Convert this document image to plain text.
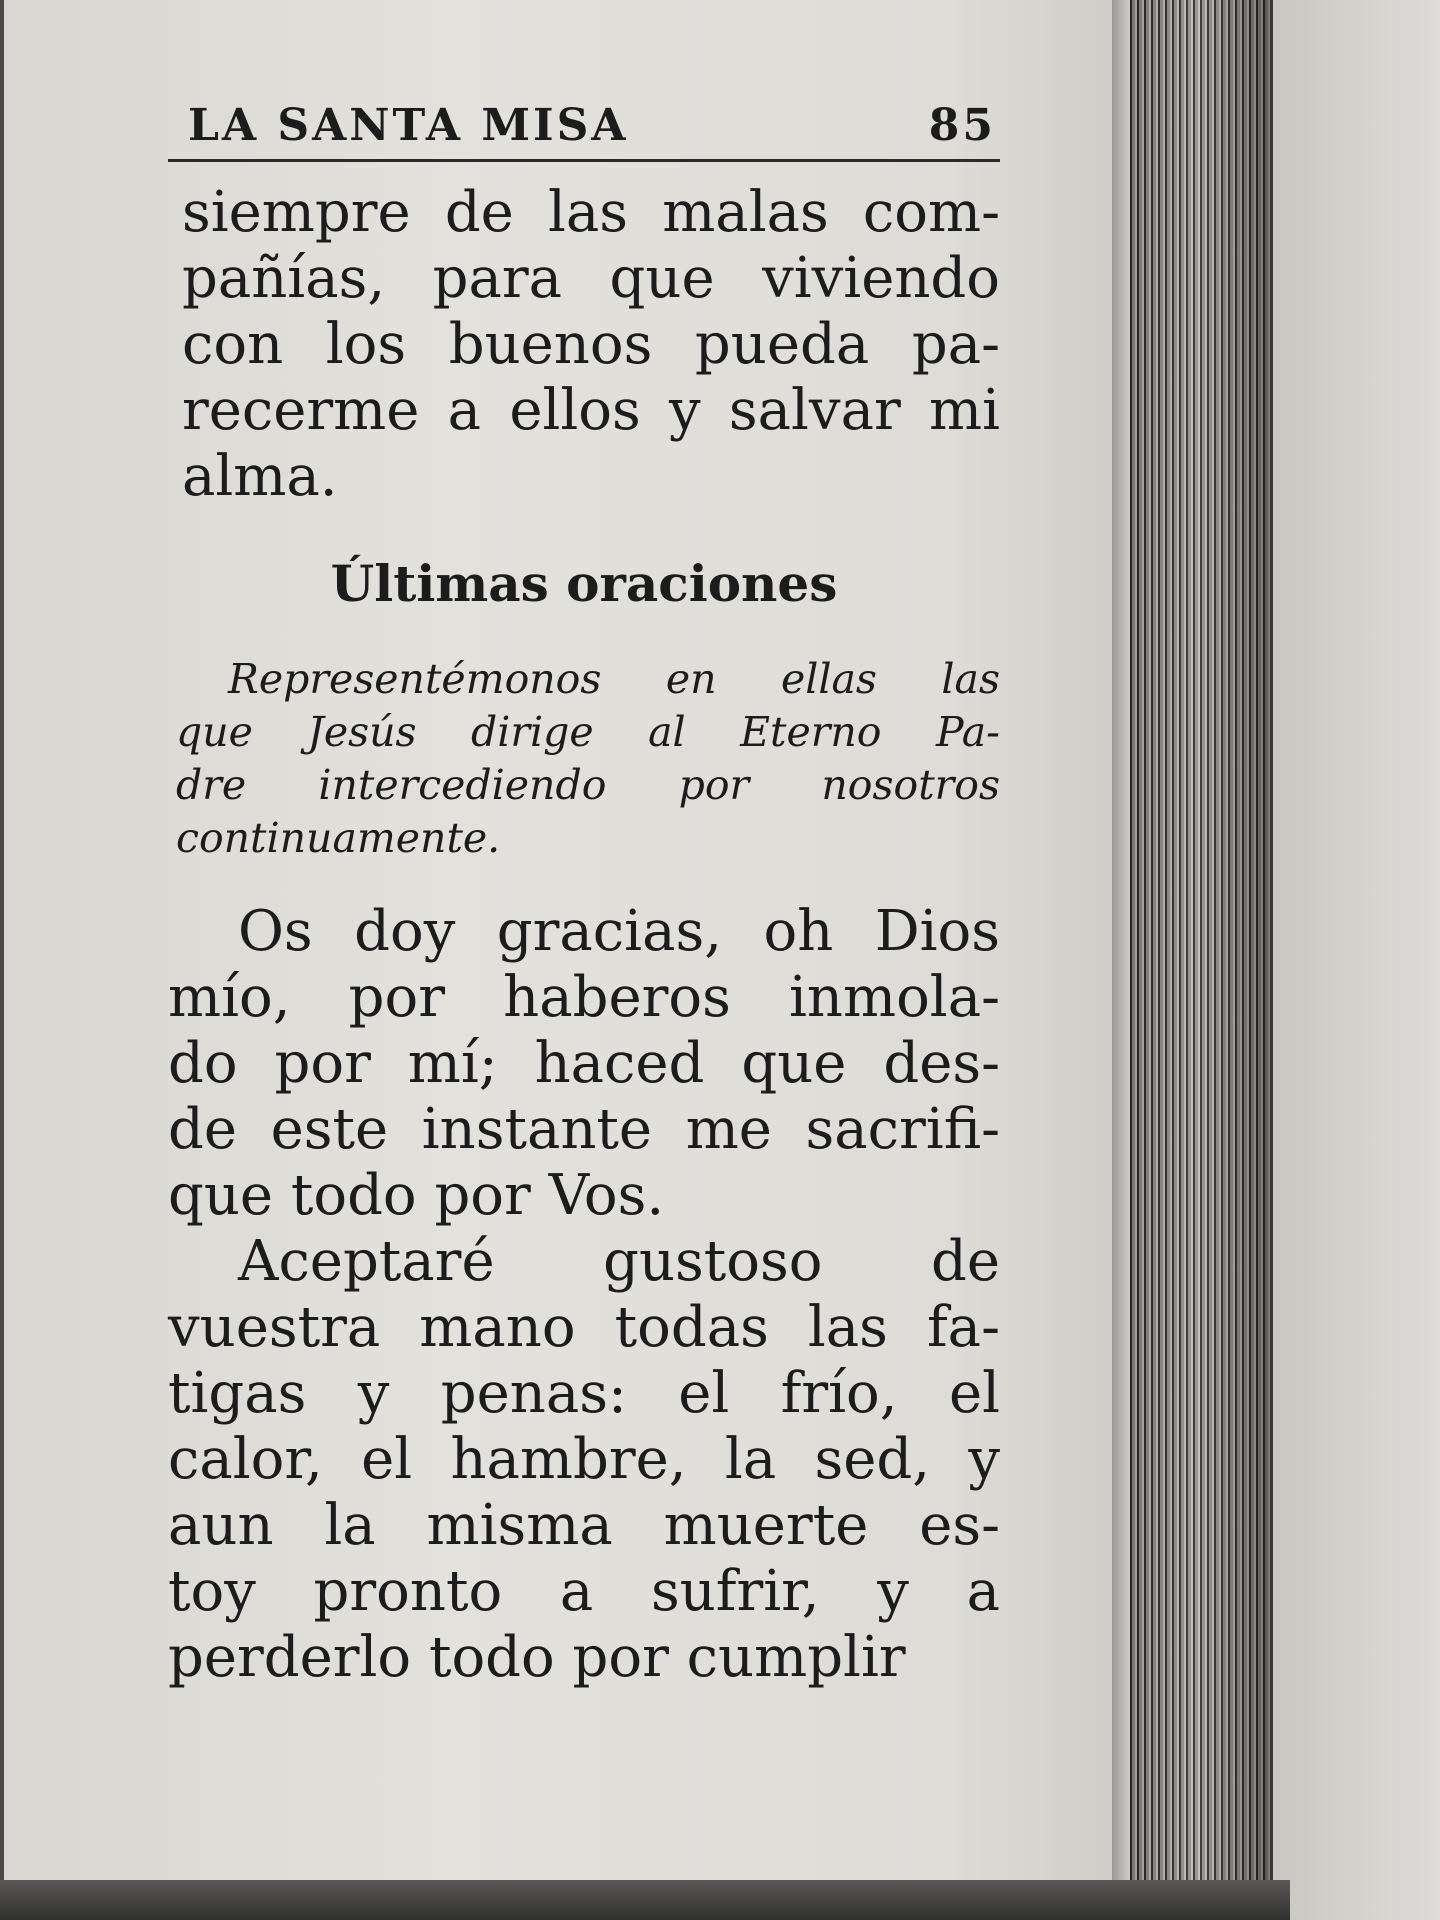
LA SANTA MISA	85

siempre de las malas com-
pañías, para que viviendo
con los buenos pueda pa-
recerme a ellos y salvar mi
alma.

Últimas oraciones

Representémonos en ellas las
que Jesús dirige al Eterno Pa-
dre intercediendo por nosotros
continuamente.

Os doy gracias, oh Dios
mío, por haberos inmola-
do por mí; haced que des-
de este instante me sacrifi-
que todo por Vos.

Aceptaré gustoso de
vuestra mano todas las fa-
tigas y penas: el frío, el
calor, el hambre, la sed, y
aun la misma muerte es-
toy pronto a sufrir, y a
perderlo todo por cumplir
